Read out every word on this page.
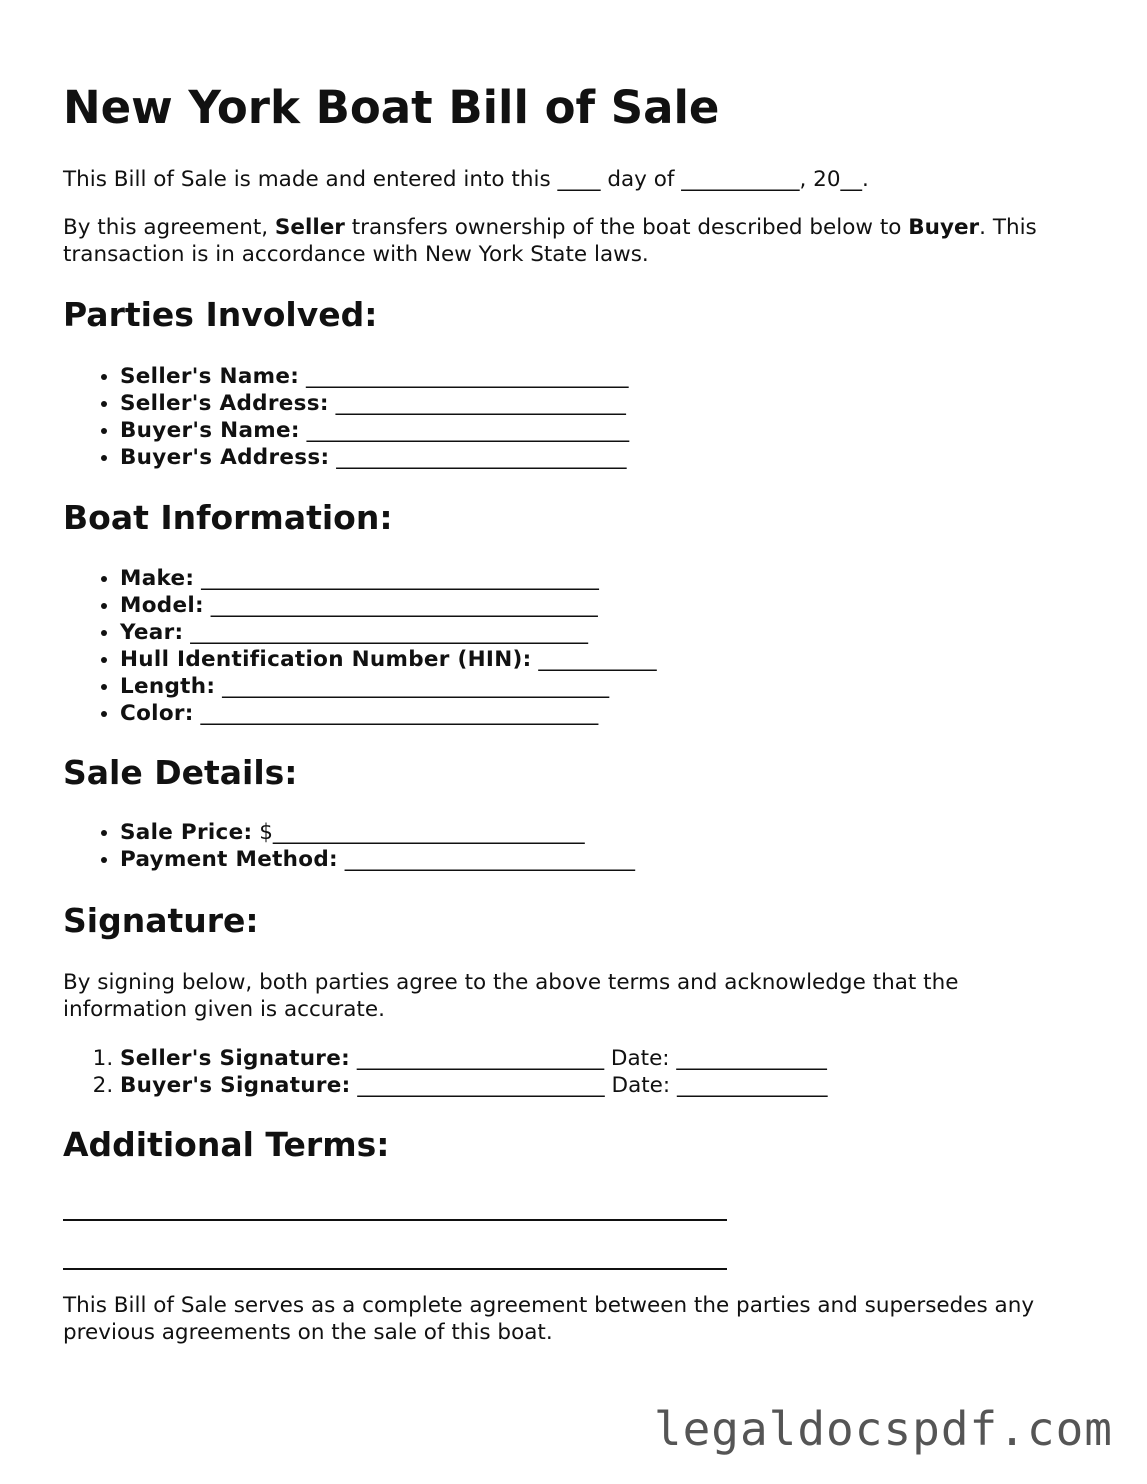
New York Boat Bill of Sale

This Bill of Sale is made and entered into this ____ day of ___________, 20__.

By this agreement, Seller transfers ownership of the boat described below to Buyer. This transaction is in accordance with New York State laws.

Parties Involved:
• Seller's Name: ______________________________
• Seller's Address: ___________________________
• Buyer's Name: ______________________________
• Buyer's Address: ___________________________
Boat Information:
• Make: _____________________________________
• Model: ____________________________________
• Year: _____________________________________
• Hull Identification Number (HIN): ___________
• Length: ____________________________________
• Color: _____________________________________
Sale Details:
• Sale Price: $_____________________________
• Payment Method: ___________________________
Signature:

By signing below, both parties agree to the above terms and acknowledge that the information given is accurate.

1. Seller's Signature: _______________________ Date: ______________
2. Buyer's Signature: _______________________ Date: ______________
Additional Terms:

This Bill of Sale serves as a complete agreement between the parties and supersedes any previous agreements on the sale of this boat.

legaldocspdf.com
